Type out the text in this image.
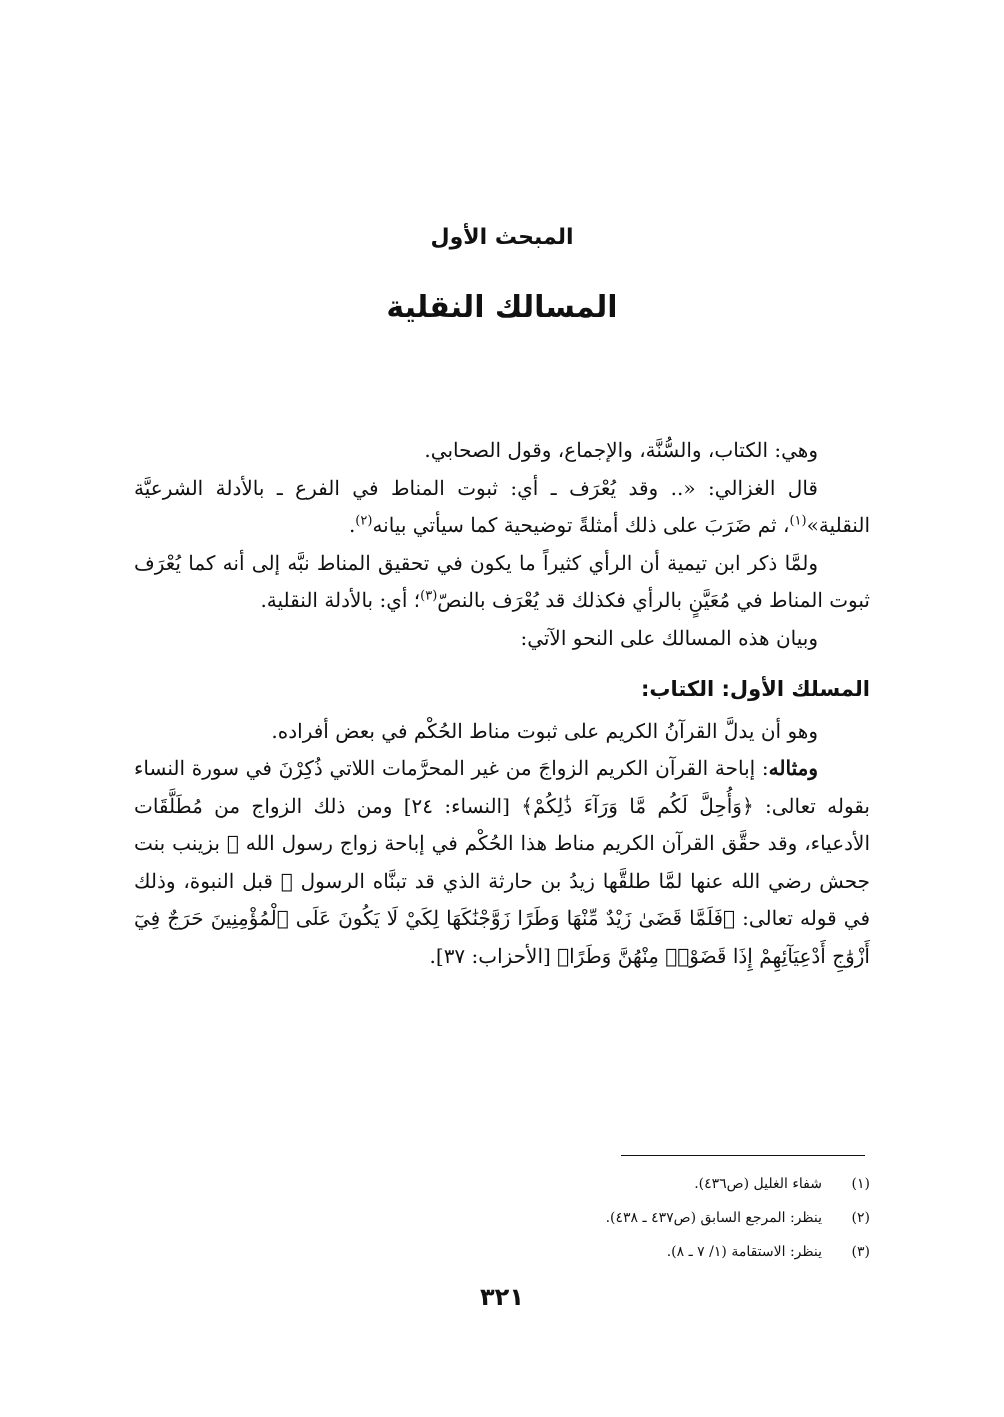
المبحث الأول
المسالك النقلية

وهي: الكتاب، والسُّنَّة، والإجماع، وقول الصحابي.

قال الغزالي: «.. وقد يُعْرَف ـ أي: ثبوت المناط في الفرع ـ بالأدلة الشرعيَّة النقلية»$^{(١)}$، ثم ضَرَبَ على ذلك أمثلةً توضيحية كما سيأتي بيانه$^{(٢)}$.

ولمَّا ذكر ابن تيمية أن الرأي كثيراً ما يكون في تحقيق المناط نبَّه إلى أنه كما يُعْرَف ثبوت المناط في مُعَيَّنٍ بالرأي فكذلك قد يُعْرَف بالنصّ$^{(٣)}$؛ أي: بالأدلة النقلية.

وبيان هذه المسالك على النحو الآتي:

المسلك الأول: الكتاب:

وهو أن يدلَّ القرآنُ الكريم على ثبوت مناط الحُكْم في بعض أفراده.

ومثاله: إباحة القرآن الكريم الزواجَ من غير المحرَّمات اللاتي ذُكِرْنَ في سورة النساء بقوله تعالى: ﴿وَأُحِلَّ لَكُم مَّا وَرَآءَ ذَٰلِكُمْ﴾ [النساء: ٢٤] ومن ذلك الزواج من مُطَلَّقَات الأدعياء، وقد حقَّق القرآن الكريم مناط هذا الحُكْم في إباحة زواج رسول الله ﷺ بزينب بنت جحش رضي الله عنها لمَّا طلقَّها زيدُ بن حارثة الذي قد تبنَّاه الرسول ﷺ قبل النبوة، وذلك في قوله تعالى: ﴿فَلَمَّا قَضَىٰ زَيْدٌ مِّنْهَا وَطَرًا زَوَّجْنَٰكَهَا لِكَيْ لَا يَكُونَ عَلَى ٱلْمُؤْمِنِينَ حَرَجٌ فِيٓ أَزْوَٰجِ أَدْعِيَآئِهِمْ إِذَا قَضَوْا۟ مِنْهُنَّ وَطَرًا﴾ [الأحزاب: ٣٧].

(١)
شفاء الغليل (ص٤٣٦).
(٢)
ينظر: المرجع السابق (ص٤٣٧ ـ ٤٣٨).
(٣)
ينظر: الاستقامة (١/ ٧ ـ ٨).
٣٢١
